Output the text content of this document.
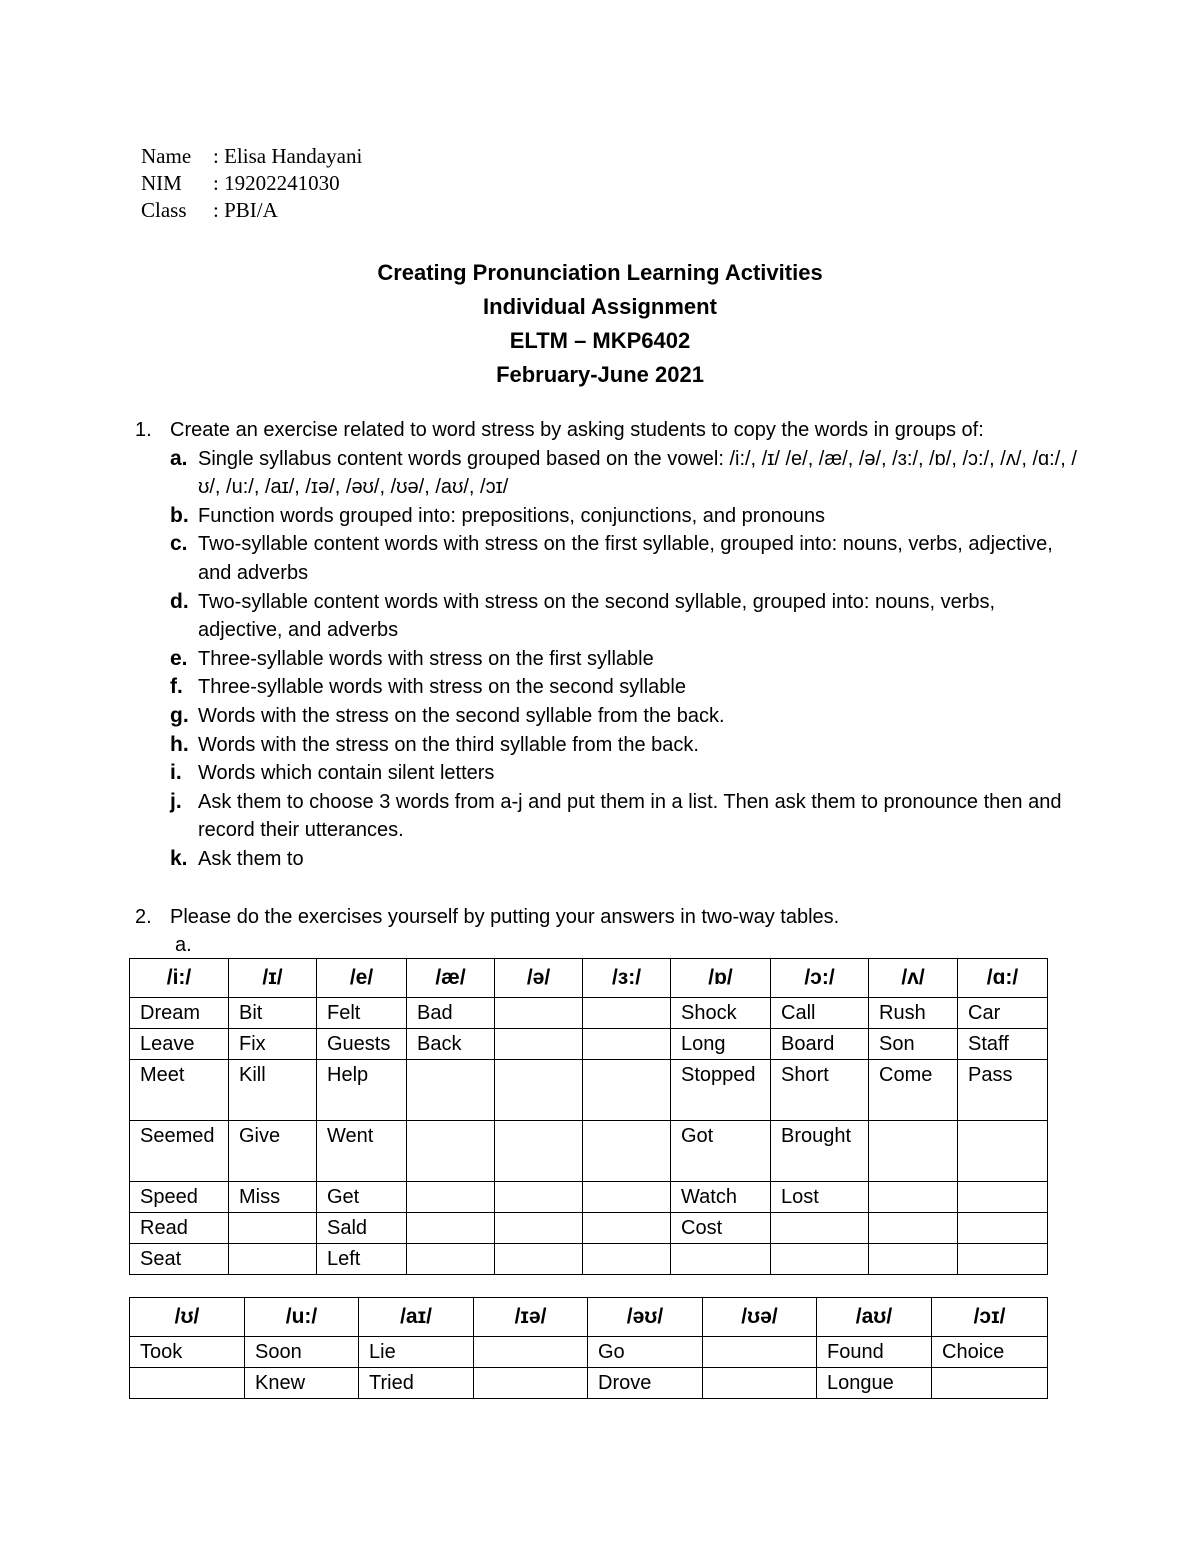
Name	: Elisa Handayani
NIM	: 19202241030
Class	: PBI/A
Creating Pronunciation Learning Activities
Individual Assignment
ELTM – MKP6402
February-June 2021
1. Create an exercise related to word stress by asking students to copy the words in groups of:
a. Single syllabus content words grouped based on the vowel: /i:/, /ɪ/ /e/, /æ/, /ə/, /ɜ:/, /ɒ/, /ɔ:/, /ʌ/, /ɑ:/, /ʊ/, /u:/, /aɪ/, /ɪə/, /əʊ/, /ʊə/, /aʊ/, /ɔɪ/
b. Function words grouped into: prepositions, conjunctions, and pronouns
c. Two-syllable content words with stress on the first syllable, grouped into: nouns, verbs, adjective, and adverbs
d. Two-syllable content words with stress on the second syllable, grouped into: nouns, verbs, adjective, and adverbs
e. Three-syllable words with stress on the first syllable
f. Three-syllable words with stress on the second syllable
g. Words with the stress on the second syllable from the back.
h. Words with the stress on the third syllable from the back.
i. Words which contain silent letters
j. Ask them to choose 3 words from a-j and put them in a list. Then ask them to pronounce then and record their utterances.
k. Ask them to
2. Please do the exercises yourself by putting your answers in two-way tables.
a.
/i:/	/ɪ/	/e/	/æ/	/ə/	/ɜ:/	/ɒ/	/ɔ:/	/ʌ/	/ɑ:/
Dream	Bit	Felt	Bad			Shock	Call	Rush	Car
Leave	Fix	Guests	Back			Long	Board	Son	Staff
Meet	Kill	Help				Stopped	Short	Come	Pass
Seemed	Give	Went				Got	Brought		
Speed	Miss	Get				Watch	Lost		
Read		Sald				Cost			
Seat		Left							
/ʊ/	/u:/	/aɪ/	/ɪə/	/əʊ/	/ʊə/	/aʊ/	/ɔɪ/
Took	Soon	Lie		Go		Found	Choice
	Knew	Tried		Drove		Longue	
